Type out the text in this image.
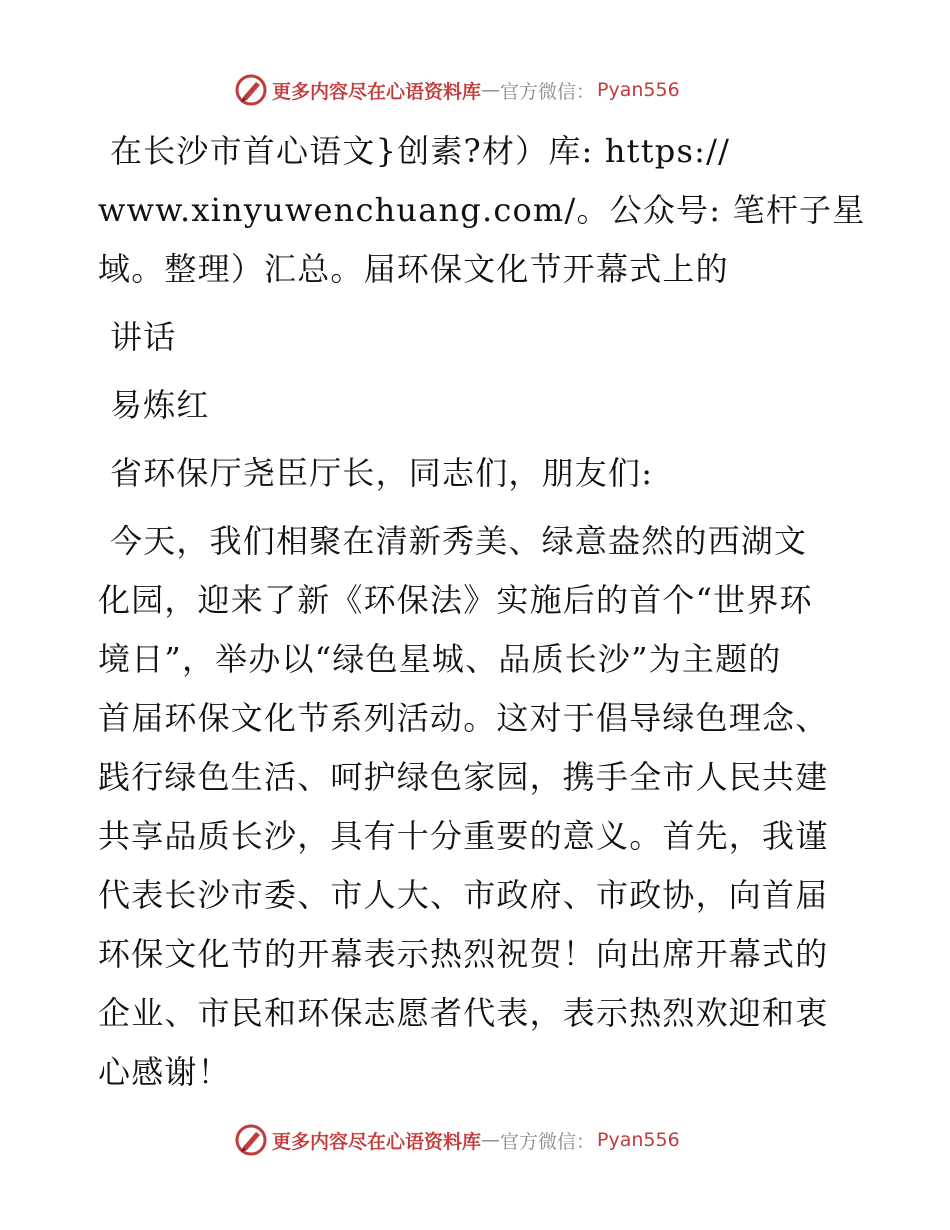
更多内容尽在心语资料库 — 官方微信： Pyan556
在长沙市首心语文}创素?材）库: https://
www.xinyuwenchuang.com/。公众号: 笔杆子星
域。整理）汇总。届环保文化节开幕式上的
讲话
易炼红
省环保厅尧臣厅长，同志们，朋友们:
今天，我们相聚在清新秀美、绿意盎然的西湖文
化园，迎来了新《环保法》实施后的首个“世界环
境日”，举办以“绿色星城、品质长沙”为主题的
首届环保文化节系列活动。这对于倡导绿色理念、
践行绿色生活、呵护绿色家园，携手全市人民共建
共享品质长沙，具有十分重要的意义。首先，我谨
代表长沙市委、市人大、市政府、市政协，向首届
环保文化节的开幕表示热烈祝贺！向出席开幕式的
企业、市民和环保志愿者代表，表示热烈欢迎和衷
心感谢！
更多内容尽在心语资料库 — 官方微信： Pyan556
